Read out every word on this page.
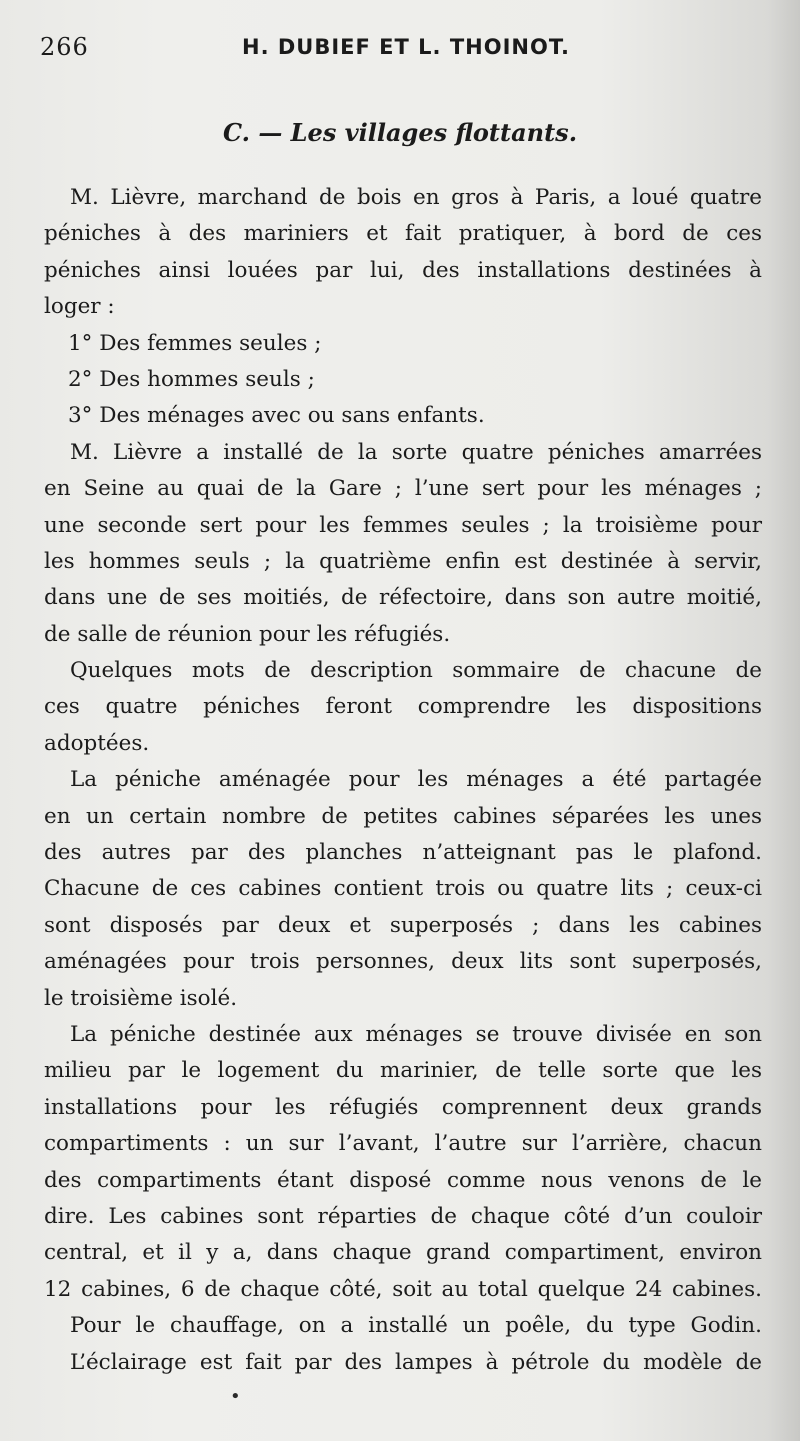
266	H. DUBIEF ET L. THOINOT.
C. — Les villages flottants.
M. Lièvre, marchand de bois en gros à Paris, a loué quatre
péniches à des mariniers et fait pratiquer, à bord de ces
péniches ainsi louées par lui, des installations destinées à
loger :
1° Des femmes seules ;
2° Des hommes seuls ;
3° Des ménages avec ou sans enfants.
M. Lièvre a installé de la sorte quatre péniches amarrées
en Seine au quai de la Gare ; l’une sert pour les ménages ;
une seconde sert pour les femmes seules ; la troisième pour
les hommes seuls ; la quatrième enfin est destinée à servir,
dans une de ses moitiés, de réfectoire, dans son autre moitié,
de salle de réunion pour les réfugiés.
Quelques mots de description sommaire de chacune de
ces quatre péniches feront comprendre les dispositions
adoptées.
La péniche aménagée pour les ménages a été partagée
en un certain nombre de petites cabines séparées les unes
des autres par des planches n’atteignant pas le plafond.
Chacune de ces cabines contient trois ou quatre lits ; ceux-ci
sont disposés par deux et superposés ; dans les cabines
aménagées pour trois personnes, deux lits sont superposés,
le troisième isolé.
La péniche destinée aux ménages se trouve divisée en son
milieu par le logement du marinier, de telle sorte que les
installations pour les réfugiés comprennent deux grands
compartiments : un sur l’avant, l’autre sur l’arrière, chacun
des compartiments étant disposé comme nous venons de le
dire. Les cabines sont réparties de chaque côté d’un couloir
central, et il y a, dans chaque grand compartiment, environ
12 cabines, 6 de chaque côté, soit au total quelque 24 cabines.
Pour le chauffage, on a installé un poêle, du type Godin.
L’éclairage est fait par des lampes à pétrole du modèle de
•
